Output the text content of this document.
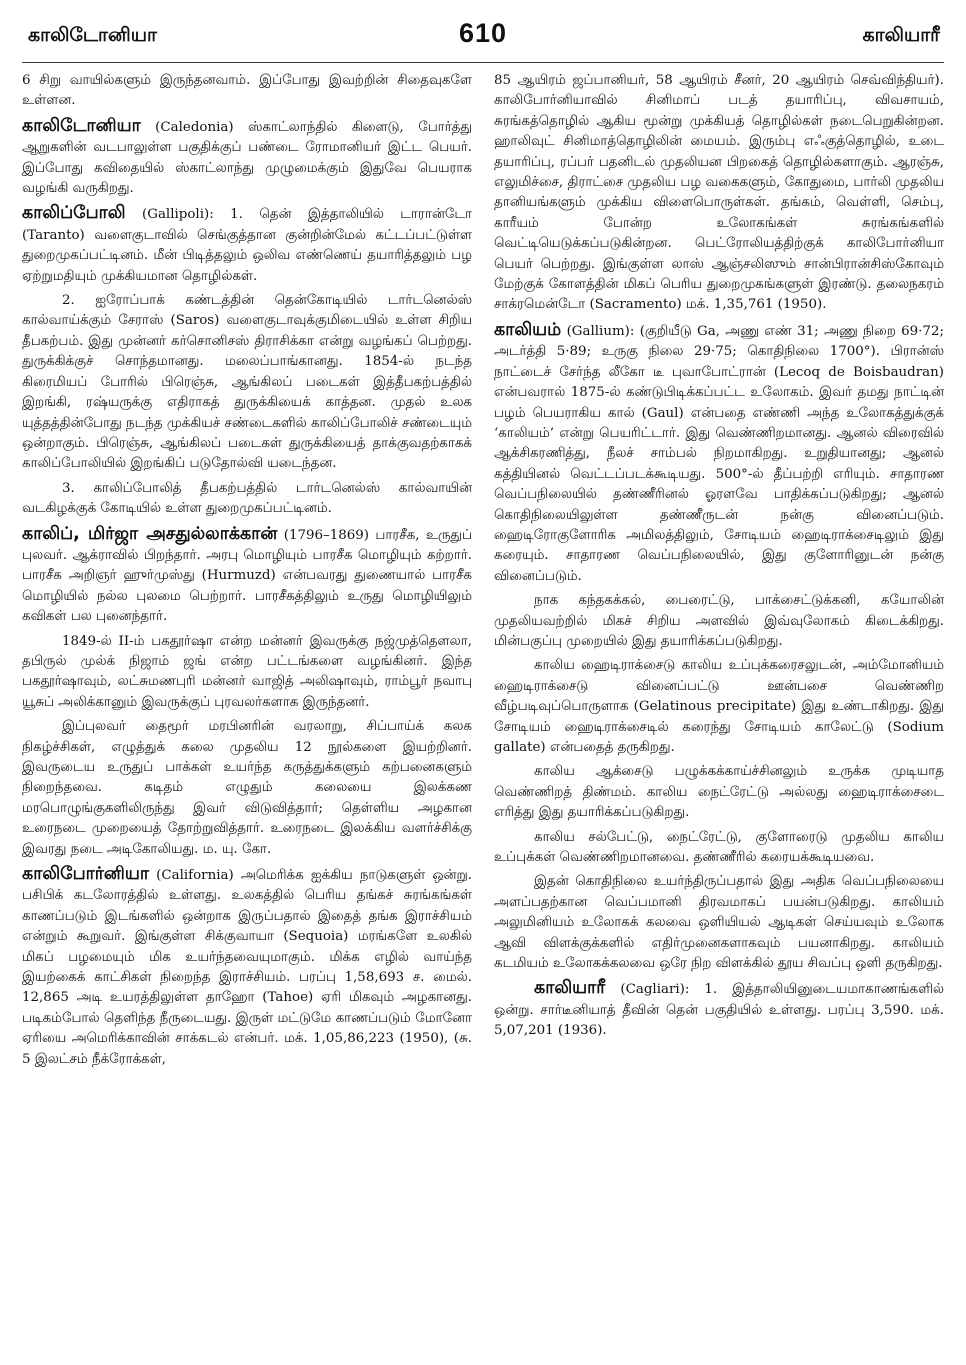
காலிடோனியா	610	காலியாரீ

6 சிறு வாயில்களும் இருந்தனவாம். இப்போது இவற்றின் சிதைவுகளே உள்ளன.

காலிடோனியா (Caledonia) ஸ்காட்லாந்தில் கிளைடு, போர்த்து ஆறுகளின் வடபாலுள்ள பகுதிக்குப் பண்டை ரோமானியர் இட்ட பெயர். இப்போது கவிதையில் ஸ்காட்லாந்து முழுமைக்கும் இதுவே பெயராக வழங்கி வருகிறது.

காலிப்போலி (Gallipoli): 1. தென் இத்தாலியில் டாரான்டோ (Taranto) வளைகுடாவில் செங்குத்தான குன்றின்மேல் கட்டப்பட்டுள்ள துறைமுகப்பட்டினம். மீன் பிடித்தலும் ஒலிவ எண்ணெய் தயாரித்தலும் பழ ஏற்றுமதியும் முக்கியமான தொழில்கள்.

2. ஐரோப்பாக் கண்டத்தின் தென்கோடியில் டார்டனெல்ஸ் கால்வாய்க்கும் சேராஸ் (Saros) வளைகுடாவுக்குமிடையில் உள்ள சிறிய தீபகற்பம். இது முன்னர் கர்சொனிசஸ் திராசிக்கா என்று வழங்கப் பெற்றது. துருக்கிக்குச் சொந்தமானது. மலைப்பாங்கானது. 1854-ல் நடந்த கிரைமியப் போரில் பிரெஞ்சு, ஆங்கிலப் படைகள் இத்தீபகற்பத்தில் இறங்கி, ரஷ்யருக்கு எதிராகத் துருக்கியைக் காத்தன. முதல் உலக யுத்தத்தின்போது நடந்த முக்கியச் சண்டைகளில் காலிப்போலிச் சண்டையும் ஒன்றாகும். பிரெஞ்சு, ஆங்கிலப் படைகள் துருக்கியைத் தாக்குவதற்காகக் காலிப்போலியில் இறங்கிப் படுதோல்வி யடைந்தன.

3. காலிப்போலித் தீபகற்பத்தில் டார்டனெல்ஸ் கால்வாயின் வடகிழக்குக் கோடியில் உள்ள துறைமுகப்பட்டினம்.

காலிப், மிர்ஜா அசதுல்லாக்கான் (1796–1869) பாரசீக, உருதுப் புலவர். ஆக்ராவில் பிறந்தார். அரபு மொழியும் பாரசீக மொழியும் கற்றார். பாரசீக அறிஞர் ஹுர்முஸ்து (Hurmuzd) என்பவரது துணையால் பாரசீக மொழியில் நல்ல புலமை பெற்றார். பாரசீகத்திலும் உருது மொழியிலும் கவிகள் பல புனைந்தார்.

1849-ல் II-ம் பகதூர்ஷா என்ற மன்னர் இவருக்கு நஜ்முத்தௌலா, தபிருல் முல்க் நிஜாம் ஜங் என்ற பட்டங்களை வழங்கினர். இந்த பகதூர்ஷாவும், லட்சுமணபுரி மன்னர் வாஜித் அலிஷாவும், ராம்பூர் நவாபு யூசுப் அலிக்கானும் இவருக்குப் புரவலர்களாக இருந்தனர்.

இப்புலவர் தைமூர் மரபினரின் வரலாறு, சிப்பாய்க் கலக நிகழ்ச்சிகள், எழுத்துக் கலை முதலிய 12 நூல்களை இயற்றினர். இவருடைய உருதுப் பாக்கள் உயர்ந்த கருத்துக்களும் கற்பனைகளும் நிறைந்தவை. கடிதம் எழுதும் கலையை இலக்கண மரபொழுங்குகளிலிருந்து இவர் விடுவித்தார்; தெள்ளிய அழகான உரைநடை முறையைத் தோற்றுவித்தார். உரைநடை இலக்கிய வளர்ச்சிக்கு இவரது நடை அடிகோலியது. ம. யு. கோ.

காலிபோர்னியா (California) அமெரிக்க ஐக்கிய நாடுகளுள் ஒன்று. பசிபிக் கடலோரத்தில் உள்ளது. உலகத்தில் பெரிய தங்கச் சுரங்கங்கள் காணப்படும் இடங்களில் ஒன்றாக இருப்பதால் இதைத் தங்க இராச்சியம் என்றும் கூறுவர். இங்குள்ள சிக்குவாயா (Sequoia) மரங்களே உலகில் மிகப் பழமையும் மிக உயர்ந்தவையுமாகும். மிக்க எழில் வாய்ந்த இயற்கைக் காட்சிகள் நிறைந்த இராச்சியம். பரப்பு 1,58,693 ச. மைல். 12,865 அடி உயரத்திலுள்ள தாஹோ (Tahoe) ஏரி மிகவும் அழகானது. படிகம்போல் தெளிந்த நீருடையது. இருள் மட்டுமே காணப்படும் மோனோ ஏரியை அமெரிக்காவின் சாக்கடல் என்பர். மக். 1,05,86,223 (1950), (சு. 5 இலட்சம் நீக்ரோக்கள்,

85 ஆயிரம் ஜப்பானியர், 58 ஆயிரம் சீனர், 20 ஆயிரம் செவ்விந்தியர்). காலிபோர்னியாவில் சினிமாப் படத் தயாரிப்பு, விவசாயம், சுரங்கத்தொழில் ஆகிய மூன்று முக்கியத் தொழில்கள் நடைபெறுகின்றன. ஹாலிவுட் சினிமாத்தொழிலின் மையம். இரும்பு எஃகுத்தொழில், உடை தயாரிப்பு, ரப்பர் பதனிடல் முதலியன பிறகைத் தொழில்களாகும். ஆரஞ்சு, எலுமிச்சை, திராட்சை முதலிய பழ வகைகளும், கோதுமை, பார்லி முதலிய தானியங்களும் முக்கிய விளைபொருள்கள். தங்கம், வெள்ளி, செம்பு, காரீயம் போன்ற உலோகங்கள் சுரங்கங்களில் வெட்டியெடுக்கப்படுகின்றன. பெட்ரோலியத்திற்குக் காலிபோர்னியா பெயர் பெற்றது. இங்குள்ள லாஸ் ஆஞ்சலிஸும் சான்பிரான்சிஸ்கோவும் மேற்குக் கோளத்தின் மிகப் பெரிய துறைமுகங்களுள் இரண்டு. தலைநகரம் சாக்ரமென்டோ (Sacramento) மக். 1,35,761 (1950).

காலியம் (Gallium): (குறியீடு Ga, அணு எண் 31; அணு நிறை 69·72; அடர்த்தி 5·89; உருகு நிலை 29·75; கொதிநிலை 1700°). பிரான்ஸ் நாட்டைச் சேர்ந்த லீகோ டீ புவாபோட்ரான் (Lecoq de Boisbaudran) என்பவரால் 1875-ல் கண்டுபிடிக்கப்பட்ட உலோகம். இவர் தமது நாட்டின் பழம் பெயராகிய கால் (Gaul) என்பதை எண்ணி அந்த உலோகத்துக்குக் ‘காலியம்’ என்று பெயரிட்டார். இது வெண்ணிறமானது. ஆனல் விரைவில் ஆக்சிகரணித்து, நீலச் சாம்பல் நிறமாகிறது. உறுதியானது; ஆனல் கத்தியினல் வெட்டப்படக்கூடியது. 500°-ல் தீப்பற்றி எரியும். சாதாரண வெப்பநிலையில் தண்ணீரினல் ஓரளவே பாதிக்கப்படுகிறது; ஆனல் கொதிநிலையிலுள்ள தண்ணீருடன் நன்கு வினைப்படும். ஹைடிரோகுளோரிக அமிலத்திலும், சோடியம் ஹைடிராக்சைடிலும் இது கரையும். சாதாரண வெப்பநிலையில், இது குளோரினுடன் நன்கு வினைப்படும்.

நாக கந்தகக்கல், பைரைட்டு, பாக்சைட்டுக்கனி, கயோலின் முதலியவற்றில் மிகச் சிறிய அளவில் இவ்வுலோகம் கிடைக்கிறது. மின்பகுப்பு முறையில் இது தயாரிக்கப்படுகிறது.

காலிய ஹைடிராக்சைடு காலிய உப்புக்கரைசலுடன், அம்மோனியம் ஹைடிராக்சைடு வினைப்பட்டு ஊன்பசை வெண்ணிற வீழ்படிவுப்பொருளாக (Gelatinous precipitate) இது உண்டாகிறது. இது சோடியம் ஹைடிராக்சைடில் கரைந்து சோடியம் காலேட்டு (Sodium gallate) என்பதைத் தருகிறது.

காலிய ஆக்சைடு பழுக்கக்காய்ச்சினலும் உருக்க முடியாத வெண்ணிறத் திண்மம். காலிய நைட்ரேட்டு அல்லது ஹைடிராக்சைடை எரித்து இது தயாரிக்கப்படுகிறது.

காலிய சல்பேட்டு, நைட்ரேட்டு, குளோரைடு முதலிய காலிய உப்புக்கள் வெண்ணிறமானவை. தண்ணீரில் கரையக்கூடியவை.

இதன் கொதிநிலை உயர்ந்திருப்பதால் இது அதிக வெப்பநிலையை அளப்பதற்கான வெப்பமானி திரவமாகப் பயன்படுகிறது. காலியம் அலுமினியம் உலோகக் கலவை ஒளியியல் ஆடிகள் செய்யவும் உலோக ஆவி விளக்குக்களில் எதிர்முனைகளாகவும் பயனாகிறது. காலியம் கடமியம் உலோகக்கலவை ஒரே நிற விளக்கில் தூய சிவப்பு ஒளி தருகிறது.

காலியாரீ (Cagliari): 1. இத்தாலியினுடையமாகாணங்களில் ஒன்று. சார்டீனியாத் தீவின் தென் பகுதியில் உள்ளது. பரப்பு 3,590. மக். 5,07,201 (1936).
